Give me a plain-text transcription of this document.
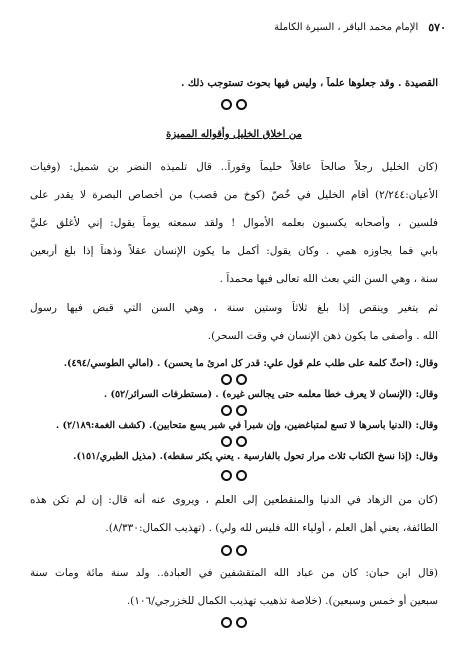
٥٧٠
الإمام محمد الباقر ، السيرة الكاملة
القصيدة . وقد جعلوها علماً ، وليس فيها بحوث تستوجب ذلك .
من اخلاق الخليل وأقواله المميزة
(كان الخليل رجلاً صالحاً عاقلاً حليماً وقوراً.. قال تلميذه النضر بن شميل: (وفيات
الأعيان:٢/٢٤٤) أقام الخليل في خُصّ (كوخ من قصب) من أخصاص البصرة لا يقدر على
فلسين ، وأصحابه يكسبون بعلمه الأموال ! ولقد سمعته يوماً يقول: إني لأغلق عليَّ
بابي فما يجاوزه همي . وكان يقول: أكمل ما يكون الإنسان عقلاً وذهناً إذا بلغ أربعين
سنة ، وهي السن التي بعث الله تعالى فيها محمداً .
ثم يتغير وينقص إذا بلغ ثلاثاً وستين سنة ، وهي السن التي قبض فيها رسول
الله . وأصفى ما يكون ذهن الإنسان في وقت السحر).
وقال: (أحثُّ كلمة على طلب علم قول علي: قدر كل امرئ ما يحسن) . (أمالي الطوسي/٤٩٤).
وقال: (الإنسان لا يعرف خطأ معلمه حتى يجالس غيره) . (مستطرفات السرائر/٥٢) .
وقال: (الدنيا بأسرها لا تسع لمتباغضين، وإن شبراً في شبر يسع متحابين). (كشف الغمة:٢/١٨٩) .
وقال: (إذا نسخ الكتاب ثلاث مرار تحول بالفارسية . يعني يكثر سقطه). (مذيل الطبري/١٥١).
(كان من الزهاد في الدنيا والمنقطعين إلى العلم ، ويروى عنه أنه قال: إن لم تكن هذه
الطائفة، يعني أهل العلم ، أولياء الله فليس لله ولي) . (تهذيب الكمال:٨/٣٣٠).
(قال ابن حبان: كان من عباد الله المتقشفين في العبادة.. ولد سنة مائة ومات سنة
سبعين أو خمس وسبعين). (خلاصة تذهيب تهذيب الكمال للخزرجي/١٠٦).
